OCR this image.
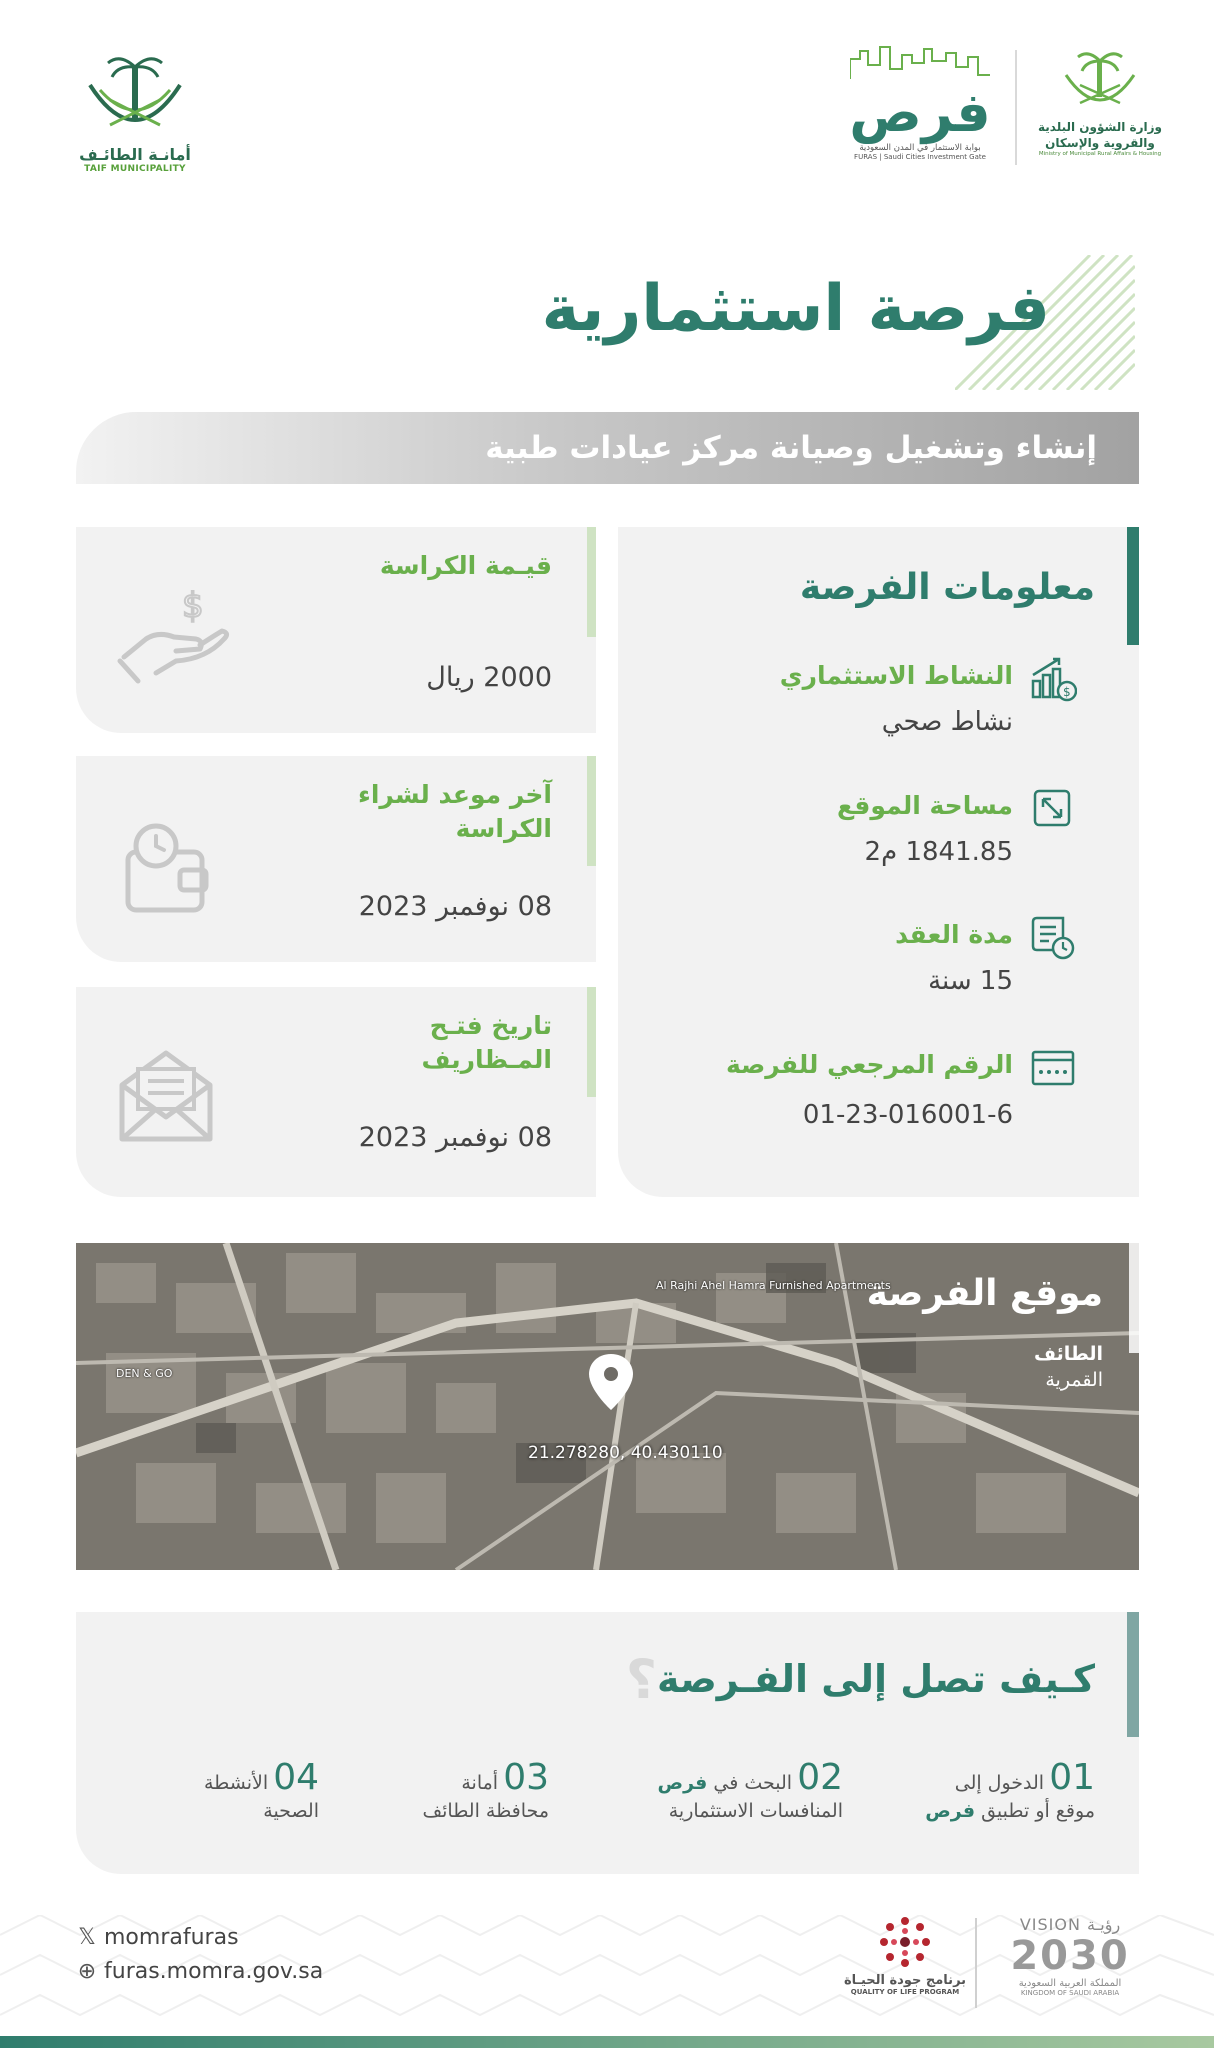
أمانـة الطائـف
TAIF MUNICIPALITY
فرص
بوابة الاستثمار في المدن السعودية
FURAS | Saudi Cities Investment Gate
وزارة الشؤون البلدية
والقروية والإسكان
Ministry of Municipal Rural Affairs & Housing
فرصة استثمارية
إنشاء وتشغيل وصيانة مركز عيادات طبية
قيـمة الكراسة
2000 ريال
$
آخر موعد لشراء الكراسة
08 نوفمبر 2023
تاريخ فتـح المـظاريف
08 نوفمبر 2023
معلومات الفرصة
$
النشاط الاستثماري
نشاط صحي
مساحة الموقع
1841.85 م2
مدة العقد
15 سنة
الرقم المرجعي للفرصة
01-23-016001-6
Al Rajhi Ahel Hamra Furnished Apartments
DEN & GO
موقع الفرصة
الطائف
القمرية
21.278280, 40.430110
كـيف تصل إلى الفـرصة؟
01 الدخول إلى
موقع أو تطبيق فرص
02 البحث في فرص
المنافسات الاستثمارية
03 أمانة
محافظة الطائف
04 الأنشطة
الصحية
𝕏 momrafuras
⊕ furas.momra.gov.sa	برنامج جودة الحيـاة
QUALITY OF LIFE PROGRAM
VISION رؤيـة
2030
المملكة العربية السعودية
KINGDOM OF SAUDI ARABIA
